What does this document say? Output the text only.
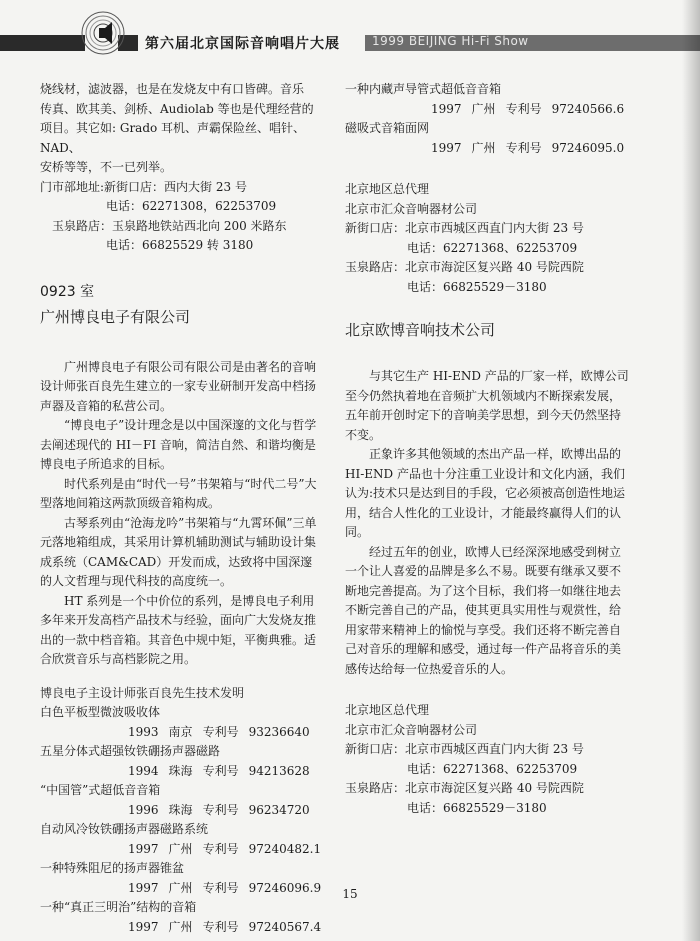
第六届北京国际音响唱片大展	1999 BEIJING Hi-Fi Show

烧线材，滤波器，也是在发烧友中有口皆碑。音乐

传真、欧其美、剑桥、Audiolab 等也是代理经营的

项目。其它如: Grado 耳机、声霸保险丝、唱针、NAD、

安桥等等，不一已列举。

门市部地址: 新街口店：西内大街 23 号

电话：62271308，62253709

玉泉路店： 玉泉路地铁站西北向 200 米路东

电话：66825529 转 3180

0923 室

广州博良电子有限公司

广州博良电子有限公司有限公司是由著名的音响设计师张百良先生建立的一家专业研制开发高中档扬声器及音箱的私营公司。

“博良电子”设计理念是以中国深邃的文化与哲学去阐述现代的 HI－FI 音响，简洁自然、和谐均衡是博良电子所追求的目标。

时代系列是由“时代一号”书架箱与“时代二号”大型落地间箱这两款顶级音箱构成。

古琴系列由“沧海龙吟”书架箱与“九霄环佩”三单元落地箱组成，其采用计算机辅助测试与辅助设计集成系统（CAM&CAD）开发而成，达致将中国深邃的人文哲理与现代科技的高度统一。

HT 系列是一个中价位的系列，是博良电子利用多年来开发高档产品技术与经验，面向广大发烧友推出的一款中档音箱。其音色中规中矩，平衡典雅。适合欣赏音乐与高档影院之用。

博良电子主设计师张百良先生技术发明

白色平板型微波吸收体

1993 南京 专利号 93236640

五星分体式超强钕铁硼扬声器磁路

1994 珠海 专利号 94213628

“中国管”式超低音音箱

1996 珠海 专利号 96234720

自动风冷钕铁硼扬声器磁路系统

1997 广州 专利号 97240482.1

一种特殊阻尼的扬声器锥盆

1997 广州 专利号 97246096.9

一种“真正三明治”结构的音箱

1997 广州 专利号 97240567.4

一种内藏声导管式超低音音箱

1997 广州 专利号 97240566.6

磁吸式音箱面网

1997 广州 专利号 97246095.0

北京地区总代理

北京市汇众音响器材公司

新街口店： 北京市西城区西直门内大街 23 号

电话：62271368、62253709

玉泉路店： 北京市海淀区复兴路 40 号院西院

电话：66825529－3180

北京欧博音响技术公司

与其它生产 HI-END 产品的厂家一样，欧博公司至今仍然执着地在音频扩大机领域内不断探索发展，五年前开创时定下的音响美学思想，到今天仍然坚持不变。

正象许多其他领域的杰出产品一样，欧博出品的 HI-END 产品也十分注重工业设计和文化内涵，我们认为:技术只是达到目的手段，它必须被高创造性地运用，结合人性化的工业设计，才能最终赢得人们的认同。

经过五年的创业，欧博人已经深深地感受到树立一个让人喜爱的品牌是多么不易。既要有继承又要不断地完善提高。为了这个目标，我们将一如继往地去不断完善自己的产品，使其更具实用性与观赏性，给用家带来精神上的愉悦与享受。我们还将不断完善自己对音乐的理解和感受，通过每一件产品将音乐的美感传达给每一位热爱音乐的人。

北京地区总代理

北京市汇众音响器材公司

新街口店： 北京市西城区西直门内大街 23 号

电话：62271368、62253709

玉泉路店： 北京市海淀区复兴路 40 号院西院

电话：66825529－3180

15
